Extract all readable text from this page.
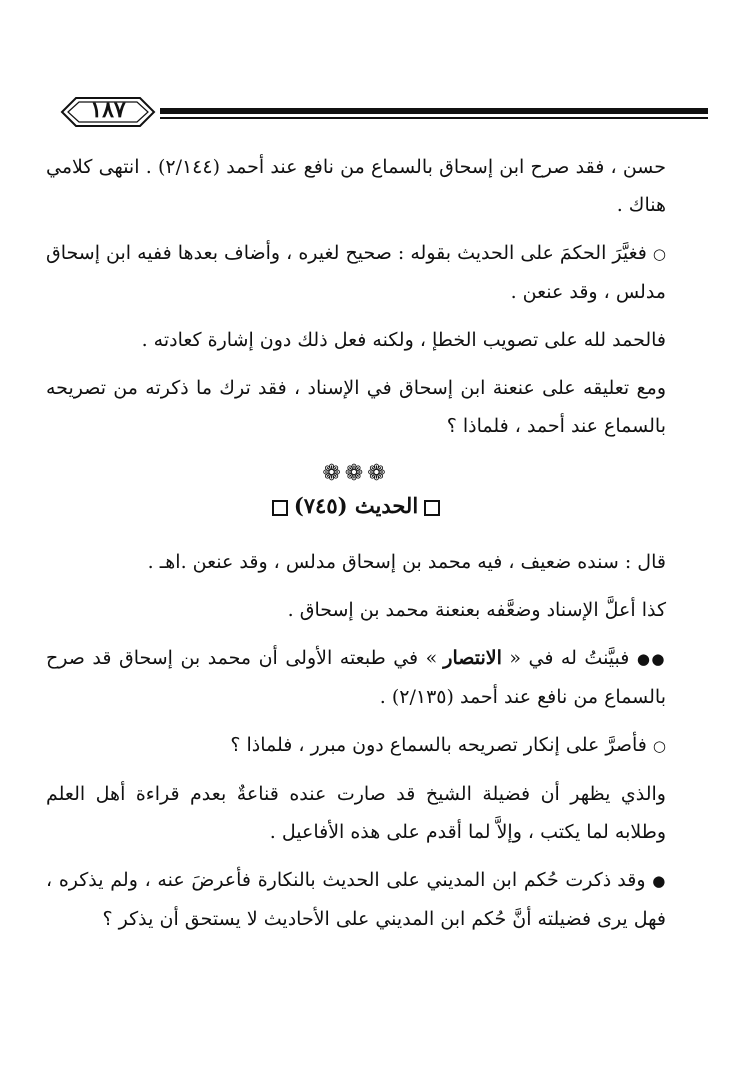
١٨٧

حسن ، فقد صرح ابن إسحاق بالسماع من نافع عند أحمد (٢/١٤٤) . انتهى كلامي هناك .

○ فغيَّرَ الحكمَ على الحديث بقوله : صحيح لغيره ، وأضاف بعدها ففيه ابن إسحاق مدلس ، وقد عنعن .

فالحمد لله على تصويب الخطإ ، ولكنه فعل ذلك دون إشارة كعادته .

ومع تعليقه على عنعنة ابن إسحاق في الإسناد ، فقد ترك ما ذكرته من تصريحه بالسماع عند أحمد ، فلماذا ؟

❁❁❁
الحديث (٧٤٥)

قال : سنده ضعيف ، فيه محمد بن إسحاق مدلس ، وقد عنعن .اهـ .

كذا أعلَّ الإسناد وضعَّفه بعنعنة محمد بن إسحاق .

●● فبيَّنتُ له في « الانتصار » في طبعته الأولى أن محمد بن إسحاق قد صرح بالسماع من نافع عند أحمد (٢/١٣٥) .

○ فأصرَّ على إنكار تصريحه بالسماع دون مبرر ، فلماذا ؟

والذي يظهر أن فضيلة الشيخ قد صارت عنده قناعةٌ بعدم قراءة أهل العلم وطلابه لما يكتب ، وإلاَّ لما أقدم على هذه الأفاعيل .

● وقد ذكرت حُكم ابن المديني على الحديث بالنكارة فأعرضَ عنه ، ولم يذكره ، فهل يرى فضيلته أنَّ حُكم ابن المديني على الأحاديث لا يستحق أن يذكر ؟
